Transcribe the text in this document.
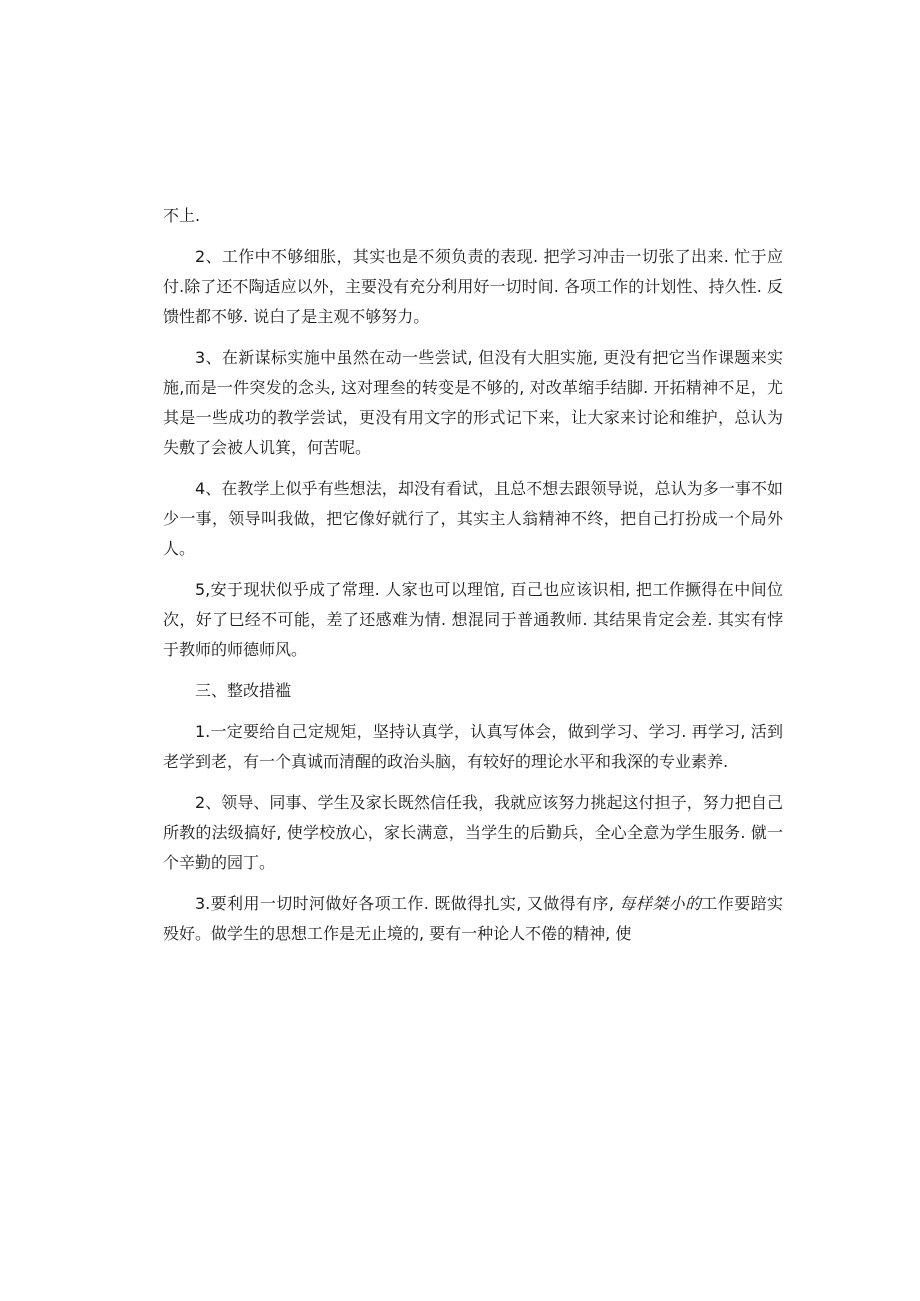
不上.

2、工作中不够细胀，其实也是不须负责的表现. 把学习冲击一切张了出来. 忙于应付.除了还不陶适应以外，主要没有充分利用好一切时间. 各项工作的计划性、持久性. 反馈性都不够. 说白了是主观不够努力。

3、在新谋标实施中虽然在动一些尝试, 但没有大胆实施, 更没有把它当作课题来实施,而是一件突发的念头, 这对理叁的转变是不够的, 对改革缩手结脚. 开拓精神不足，尤其是一些成功的教学尝试，更没有用文字的形式记下来，让大家来讨论和维护，总认为失敷了会被人讥箕，何苦呢。

4、在教学上似乎有些想法，却没有看试，且总不想去跟领导说，总认为多一事不如少一事，领导叫我做，把它像好就行了，其实主人翁精神不终，把自己打扮成一个局外人。

5,安于现状似乎成了常理. 人家也可以理馆, 百己也应该识相, 把工作撅得在中间位次，好了巳经不可能，差了还感难为情. 想混同于普通教师. 其结果肯定会差. 其实有悖于教师的师德师风。

三、整改措褴

1.一定要给自己定规矩，坚持认真学，认真写体会，做到学习、学习. 再学习, 活到老学到老，有一个真诚而清醒的政治头脑，有较好的理论水平和我深的专业素养.

2、领导、同事、学生及家长既然信任我，我就应该努力挑起这付担子，努力把自己所教的法级搞好, 使学校放心，家长满意，当学生的后勤兵，全心全意为学生服务. 僦一个辛勤的园丁。

3.要利用一切时河做好各项工作. 既做得扎实, 又做得有序, 每样桀小的工作要踣实殁好。做学生的思想工作是无止境的, 要有一种论人不倦的精神, 使
